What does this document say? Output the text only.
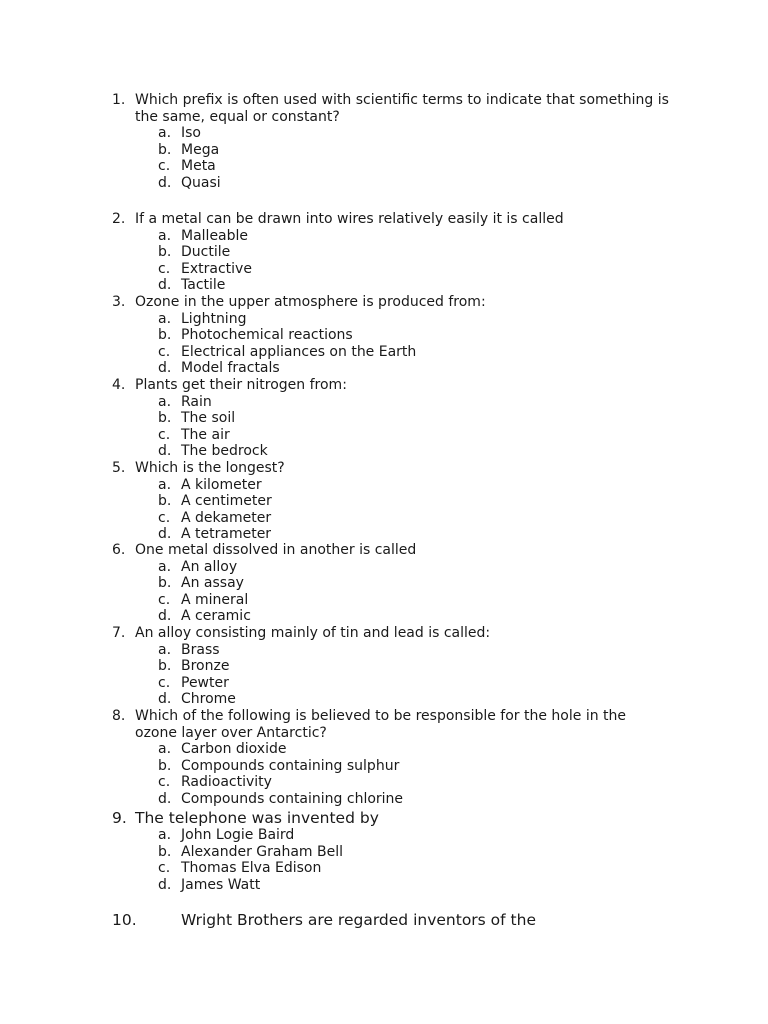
1. Which prefix is often used with scientific terms to indicate that something is the same, equal or constant?
a. Iso
b. Mega
c. Meta
d. Quasi
2. If a metal can be drawn into wires relatively easily it is called
a. Malleable
b. Ductile
c. Extractive
d. Tactile
3. Ozone in the upper atmosphere is produced from:
a. Lightning
b. Photochemical reactions
c. Electrical appliances on the Earth
d. Model fractals
4. Plants get their nitrogen from:
a. Rain
b. The soil
c. The air
d. The bedrock
5. Which is the longest?
a. A kilometer
b. A centimeter
c. A dekameter
d. A tetrameter
6. One metal dissolved in another is called
a. An alloy
b. An assay
c. A mineral
d. A ceramic
7. An alloy consisting mainly of tin and lead is called:
a. Brass
b. Bronze
c. Pewter
d. Chrome
8. Which of the following is believed to be responsible for the hole in the ozone layer over Antarctic?
a. Carbon dioxide
b. Compounds containing sulphur
c. Radioactivity
d. Compounds containing chlorine
9. The telephone was invented by
a. John Logie Baird
b. Alexander Graham Bell
c. Thomas Elva Edison
d. James Watt
10.	Wright Brothers are regarded inventors of the
